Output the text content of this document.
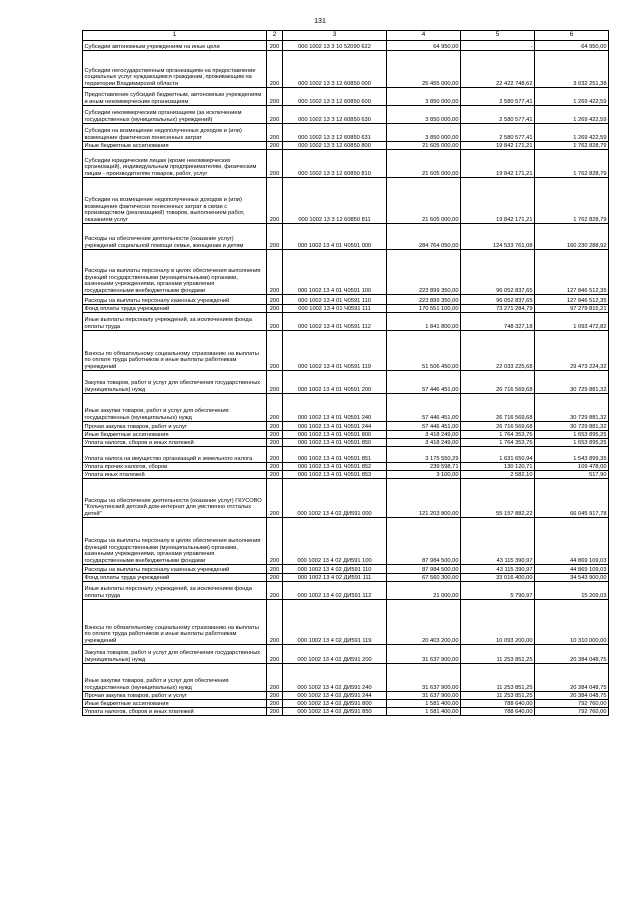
131
1	2	3	4	5	6
Субсидии автономным учреждениям на иные цели	200	000 1002 13 3 10 52090 622	64 950,00	-	64 950,00
Субсидии негосударственным организациям на предоставление социальных услуг нуждающимся гражданам, проживающим на территории Владимирской области	200	000 1002 13 3 12 60850 000	25 455 000,00	22 422 748,62	3 032 251,38
Предоставление субсидий бюджетным, автономным учреждениям и иным некоммерческим организациям	200	000 1002 13 3 12 60850 600	3 850 000,00	2 580 577,41	1 269 422,59
Субсидии некоммерческим организациям (за исключением государственных (муниципальных) учреждений)	200	000 1002 13 3 12 60850 630	3 850 000,00	2 580 577,41	1 269 422,59
Субсидии на возмещение недополученных доходов и (или) возмещение фактически понесенных затрат	200	000 1002 13 3 12 60850 631	3 850 000,00	2 580 577,41	1 269 422,59
Иные бюджетные ассигнования	200	000 1002 13 3 12 60850 800	21 605 000,00	19 842 171,21	1 762 828,79
Субсидии юридическим лицам (кроме некоммерческих организаций), индивидуальным предпринимателям, физическим лицам - производителям товаров, работ, услуг	200	000 1002 13 3 12 60850 810	21 605 000,00	19 842 171,21	1 762 828,79
Субсидии на возмещение недополученных доходов и (или) возмещение фактически понесенных затрат в связи с производством (реализацией) товаров, выполнением работ, оказанием услуг	200	000 1002 13 3 12 60850 811	21 605 000,00	19 842 171,21	1 762 828,79
Расходы на обеспечение деятельности (оказание услуг) учреждений социальной помощи семье, женщинам и детям	200	000 1002 13 4 01 Ч0591 000	284 764 050,00	124 533 761,08	160 230 288,92
Расходы на выплаты персоналу в целях обеспечения выполнения функций государственными (муниципальными) органами, казенными учреждениями, органами управления государственными внебюджетными фондами	200	000 1002 13 4 01 Ч0591 100	223 899 350,00	96 052 837,65	127 846 512,35
Расходы на выплаты персоналу казенных учреждений	200	000 1002 13 4 01 Ч0591 110	223 899 350,00	96 052 837,65	127 846 512,35
Фонд оплаты труда учреждений	200	000 1002 13 4 01 Ч0591 111	170 551 100,00	73 271 284,79	97 279 815,21
Иные выплаты персоналу учреждений, за исключением фонда оплаты труда	200	000 1002 13 4 01 Ч0591 112	1 841 800,00	748 327,18	1 093 472,82
Взносы по обязательному социальному страхованию на выплаты по оплате труда работников и иные выплаты работникам учреждений	200	000 1002 13 4 01 Ч0591 119	51 506 450,00	22 033 225,68	29 473 224,32
Закупка товаров, работ и услуг для обеспечения государственных (муниципальных) нужд	200	000 1002 13 4 01 Ч0591 200	57 446 451,00	26 716 569,68	30 729 881,32
Иные закупки товаров, работ и услуг для обеспечения государственных (муниципальных) нужд	200	000 1002 13 4 01 Ч0591 240	57 446 451,00	26 716 569,68	30 729 881,32
Прочая закупка товаров, работ и услуг	200	000 1002 13 4 01 Ч0591 244	57 446 451,00	26 716 569,68	30 729 881,32
Иные бюджетные ассигнования	200	000 1002 13 4 01 Ч0591 800	3 418 249,00	1 764 353,75	1 653 895,25
Уплата налогов, сборов и иных платежей	200	000 1002 13 4 01 Ч0591 850	3 418 249,00	1 764 353,75	1 653 895,25
Уплата налога на имущество организаций и земельного налога	200	000 1002 13 4 01 Ч0591 851	3 175 550,29	1 631 650,94	1 543 899,35
Уплата прочих налогов, сборов	200	000 1002 13 4 01 Ч0591 852	239 598,71	130 120,71	109 478,00
Уплата иных платежей	200	000 1002 13 4 01 Ч0591 853	3 100,00	2 582,10	517,90
Расходы на обеспечение деятельности (оказание услуг) ГКУСОВО "Кольчугинский детский дом-интернат для умственно отсталых детей"	200	000 1002 13 4 02 ДИ591 000	121 203 800,00	55 157 882,22	66 045 917,78
Расходы на выплаты персоналу в целях обеспечения выполнения функций государственными (муниципальными) органами, казенными учреждениями, органами управления государственными внебюджетными фондами	200	000 1002 13 4 02 ДИ591 100	87 984 500,00	43 115 390,97	44 869 109,03
Расходы на выплаты персоналу казенных учреждений	200	000 1002 13 4 02 ДИ591 110	87 984 500,00	43 115 390,97	44 869 109,03
Фонд оплаты труда учреждений	200	000 1002 13 4 02 ДИ591 111	67 560 300,00	33 016 400,00	34 543 900,00
Иные выплаты персоналу учреждений, за исключением фонда оплаты труда	200	000 1002 13 4 02 ДИ591 112	21 000,00	5 790,97	15 209,03
Взносы по обязательному социальному страхованию на выплаты по оплате труда работников и иные выплаты работникам учреждений	200	000 1002 13 4 02 ДИ591 119	20 403 200,00	10 093 200,00	10 310 000,00
Закупка товаров, работ и услуг для обеспечения государственных (муниципальных) нужд	200	000 1002 13 4 02 ДИ591 200	31 637 900,00	11 253 851,25	20 384 048,75
Иные закупки товаров, работ и услуг для обеспечения государственных (муниципальных) нужд	200	000 1002 13 4 02 ДИ591 240	31 637 900,00	11 253 851,25	20 384 048,75
Прочая закупка товаров, работ и услуг	200	000 1002 13 4 02 ДИ591 244	31 637 900,00	11 253 851,25	20 384 048,75
Иные бюджетные ассигнования	200	000 1002 13 4 02 ДИ591 800	1 581 400,00	788 640,00	792 760,00
Уплата налогов, сборов и иных платежей	200	000 1002 13 4 02 ДИ591 850	1 581 400,00	788 640,00	792 760,00
